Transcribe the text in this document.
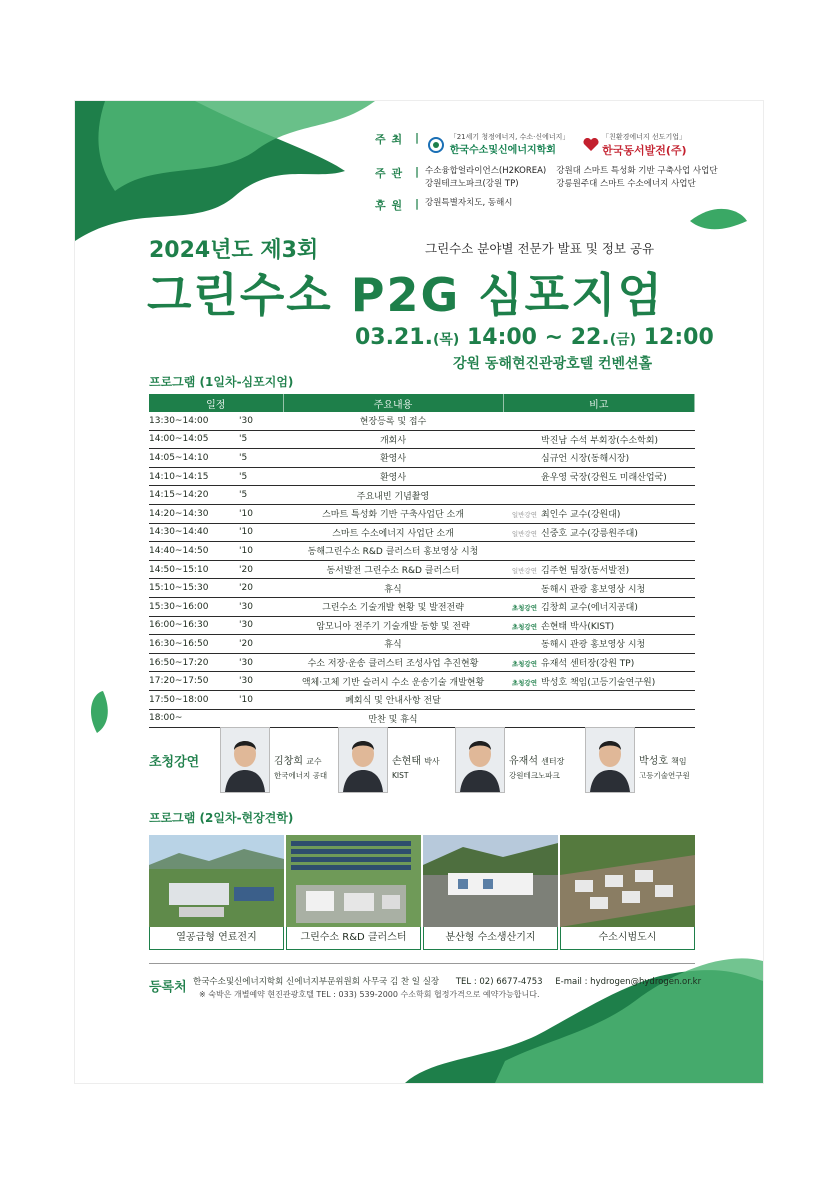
주 최	|	「21세기 청정에너지, 수소·신에너지」
한국수소및신에너지학회
「친환경에너지 선도기업」
한국동서발전(주)
주 관	| 수소융합얼라이언스(H2KOREA)
강원테크노파크(강원 TP)
강원대 스마트 특성화 기반 구축사업 사업단
강릉원주대 스마트 수소에너지 사업단
후 원	| 강원특별자치도, 동해시
2024년도 제3회	그린수소 분야별 전문가 발표 및 정보 공유
그린수소 P2G 심포지엄
03.21.(목) 14:00 ~ 22.(금) 12:00
강원 동해현진관광호텔 컨벤션홀
프로그램 (1일차-심포지엄)
일정		주요내용	비고
13:30~14:00	'30	현장등록 및 접수	
14:00~14:05	'5	개회사	박진남 수석 부회장(수소학회)
14:05~14:10	'5	환영사	심규언 시장(동해시장)
14:10~14:15	'5	환영사	윤우영 국장(강원도 미래산업국)
14:15~14:20	'5	주요내빈 기념촬영	
14:20~14:30	'10	스마트 특성화 기반 구축사업단 소개	일반강연 최인수 교수(강원대)
14:30~14:40	'10	스마트 수소에너지 사업단 소개	일반강연 신중호 교수(강릉원주대)
14:40~14:50	'10	동해그린수소 R&D 클러스터 홍보영상 시청	
14:50~15:10	'20	동서발전 그린수소 R&D 클러스터	일반강연 김주현 팀장(동서발전)
15:10~15:30	'20	휴식	동해시 관광 홍보영상 시청
15:30~16:00	'30	그린수소 기술개발 현황 및 발전전략	초청강연 김창희 교수(에너지공대)
16:00~16:30	'30	암모니아 전주기 기술개발 동향 및 전략	초청강연 손현태 박사(KIST)
16:30~16:50	'20	휴식	동해시 관광 홍보영상 시청
16:50~17:20	'30	수소 저장·운송 클러스터 조성사업 추진현황	초청강연 유재석 센터장(강원 TP)
17:20~17:50	'30	액체·고체 기반 슬러시 수소 운송기술 개발현황	초청강연 박성호 책임(고등기술연구원)
17:50~18:00	'10	폐회식 및 안내사항 전달	
18:00~		만찬 및 휴식	
초청강연	김창희 교수
한국에너지 공대
손현태 박사
KIST
유재석 센터장
강원테크노파크
박성호 책임
고등기술연구원
프로그램 (2일차-현장견학)
열공급형 연료전지	그린수소 R&D 클러스터	분산형 수소생산기지	수소시범도시
등록처 한국수소및신에너지학회 신에너지부문위원회 사무국 김 찬 일 실장 TEL : 02) 6677-4753 E-mail : hydrogen@hydrogen.or.kr
※ 숙박은 개별예약 현진관광호텔 TEL : 033) 539-2000 수소학회 협정가격으로 예약가능합니다.
